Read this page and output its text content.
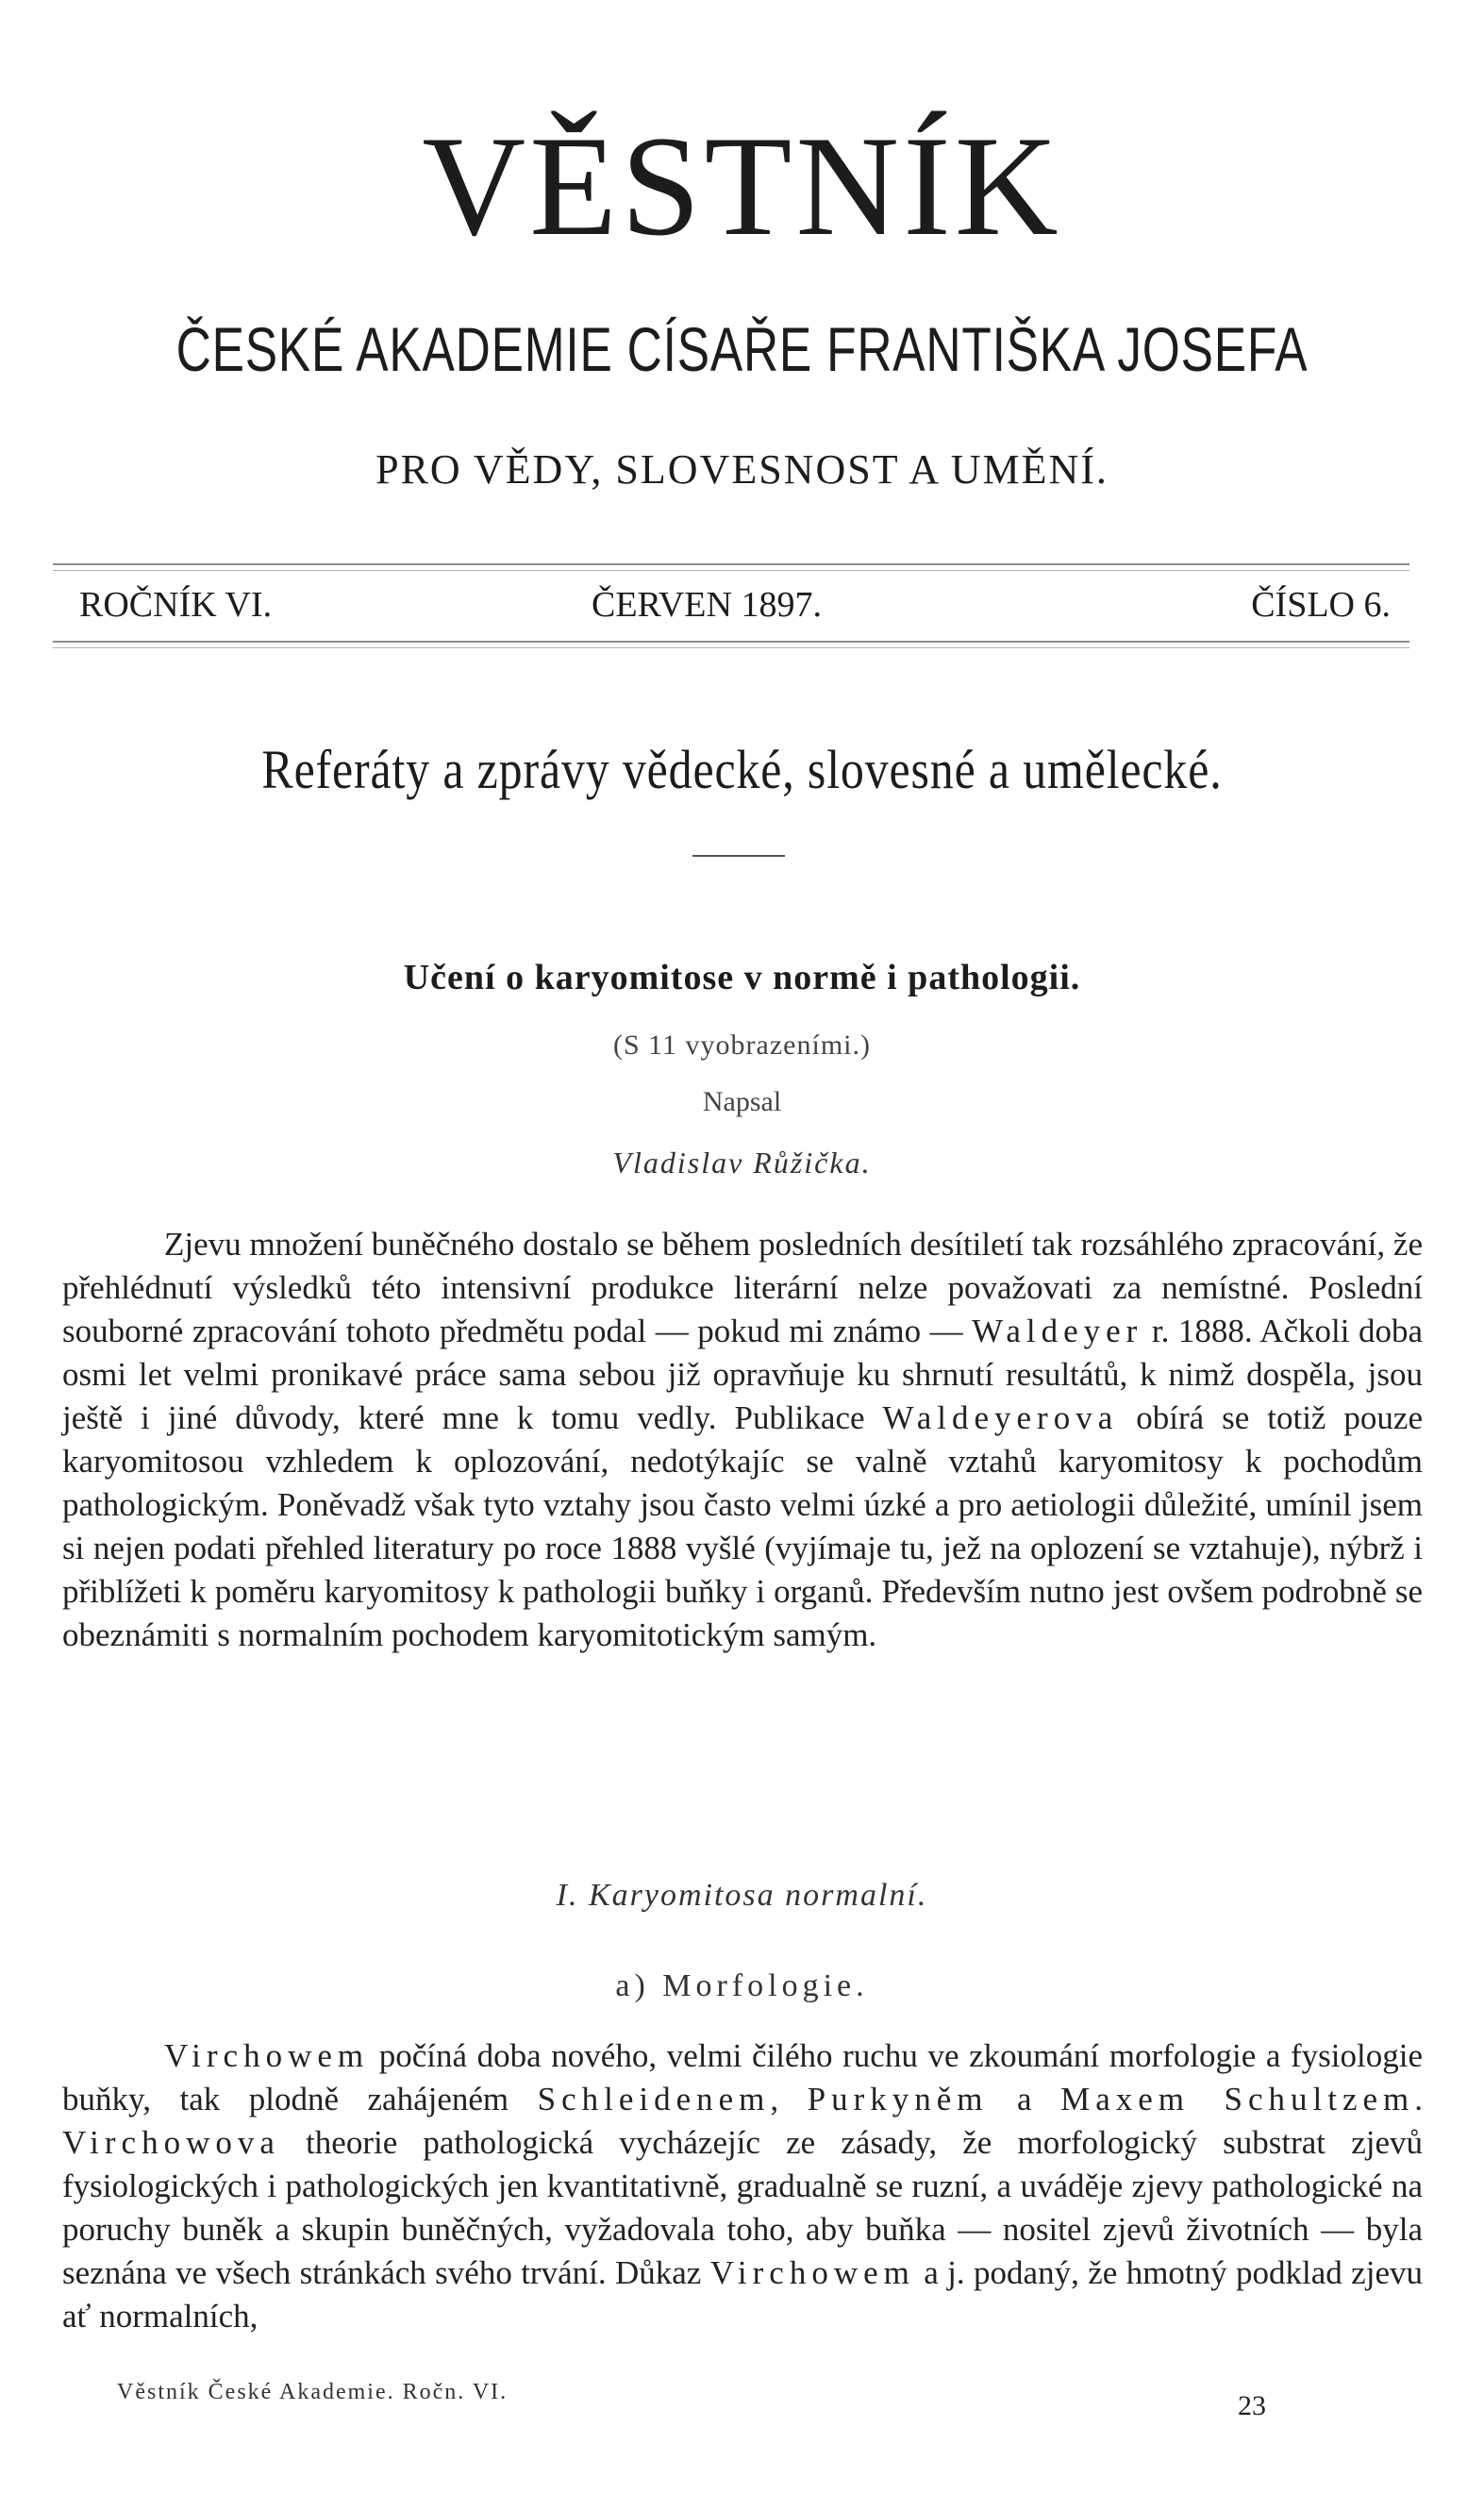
VĚSTNÍK
ČESKÉ AKADEMIE CÍSAŘE FRANTIŠKA JOSEFA
PRO VĚDY, SLOVESNOST A UMĚNÍ.
ROČNÍK VI.	ČERVEN 1897.	ČÍSLO 6.
Referáty a zprávy vědecké, slovesné a umělecké.
Učení o karyomitose v normě i pathologii.
(S 11 vyobrazeními.)
Napsal
Vladislav Růžička.

Zjevu množení buněčného dostalo se během posledních desítiletí tak rozsáhlého zpracování, že přehlédnutí výsledků této intensivní produkce literární nelze považovati za nemístné. Poslední souborné zpracování tohoto předmětu podal — pokud mi známo — Waldeyer r. 1888. Ačkoli doba osmi let velmi pronikavé práce sama sebou již opravňuje ku shrnutí resultátů, k nimž dospěla, jsou ještě i jiné důvody, které mne k tomu vedly. Publikace Waldeyerova obírá se totiž pouze karyomitosou vzhledem k oplozování, nedotýkajíc se valně vztahů karyomitosy k pochodům pathologickým. Poněvadž však tyto vztahy jsou často velmi úzké a pro aetiologii důležité, umínil jsem si nejen podati přehled literatury po roce 1888 vyšlé (vyjímaje tu, jež na oplození se vztahuje), nýbrž i přiblížeti k poměru karyomitosy k pathologii buňky i organů. Především nutno jest ovšem podrobně se obeznámiti s normalním pochodem karyomitotickým samým.

I. Karyomitosa normalní.
a) Morfologie.

Virchowem počíná doba nového, velmi čilého ruchu ve zkoumání morfologie a fysiologie buňky, tak plodně zahájeném Schleidenem, Purkyněm a Maxem Schultzem. Virchowova theorie pathologická vycházejíc ze zásady, že morfologický substrat zjevů fysiologických i pathologických jen kvantitativně, gradualně se ruzní, a uváděje zjevy pathologické na poruchy buněk a skupin buněčných, vyžadovala toho, aby buňka — nositel zjevů životních — byla seznána ve všech stránkách svého trvání. Důkaz Virchowem a j. podaný, že hmotný podklad zjevu ať normalních,

Věstník České Akademie. Ročn. VI.	23
